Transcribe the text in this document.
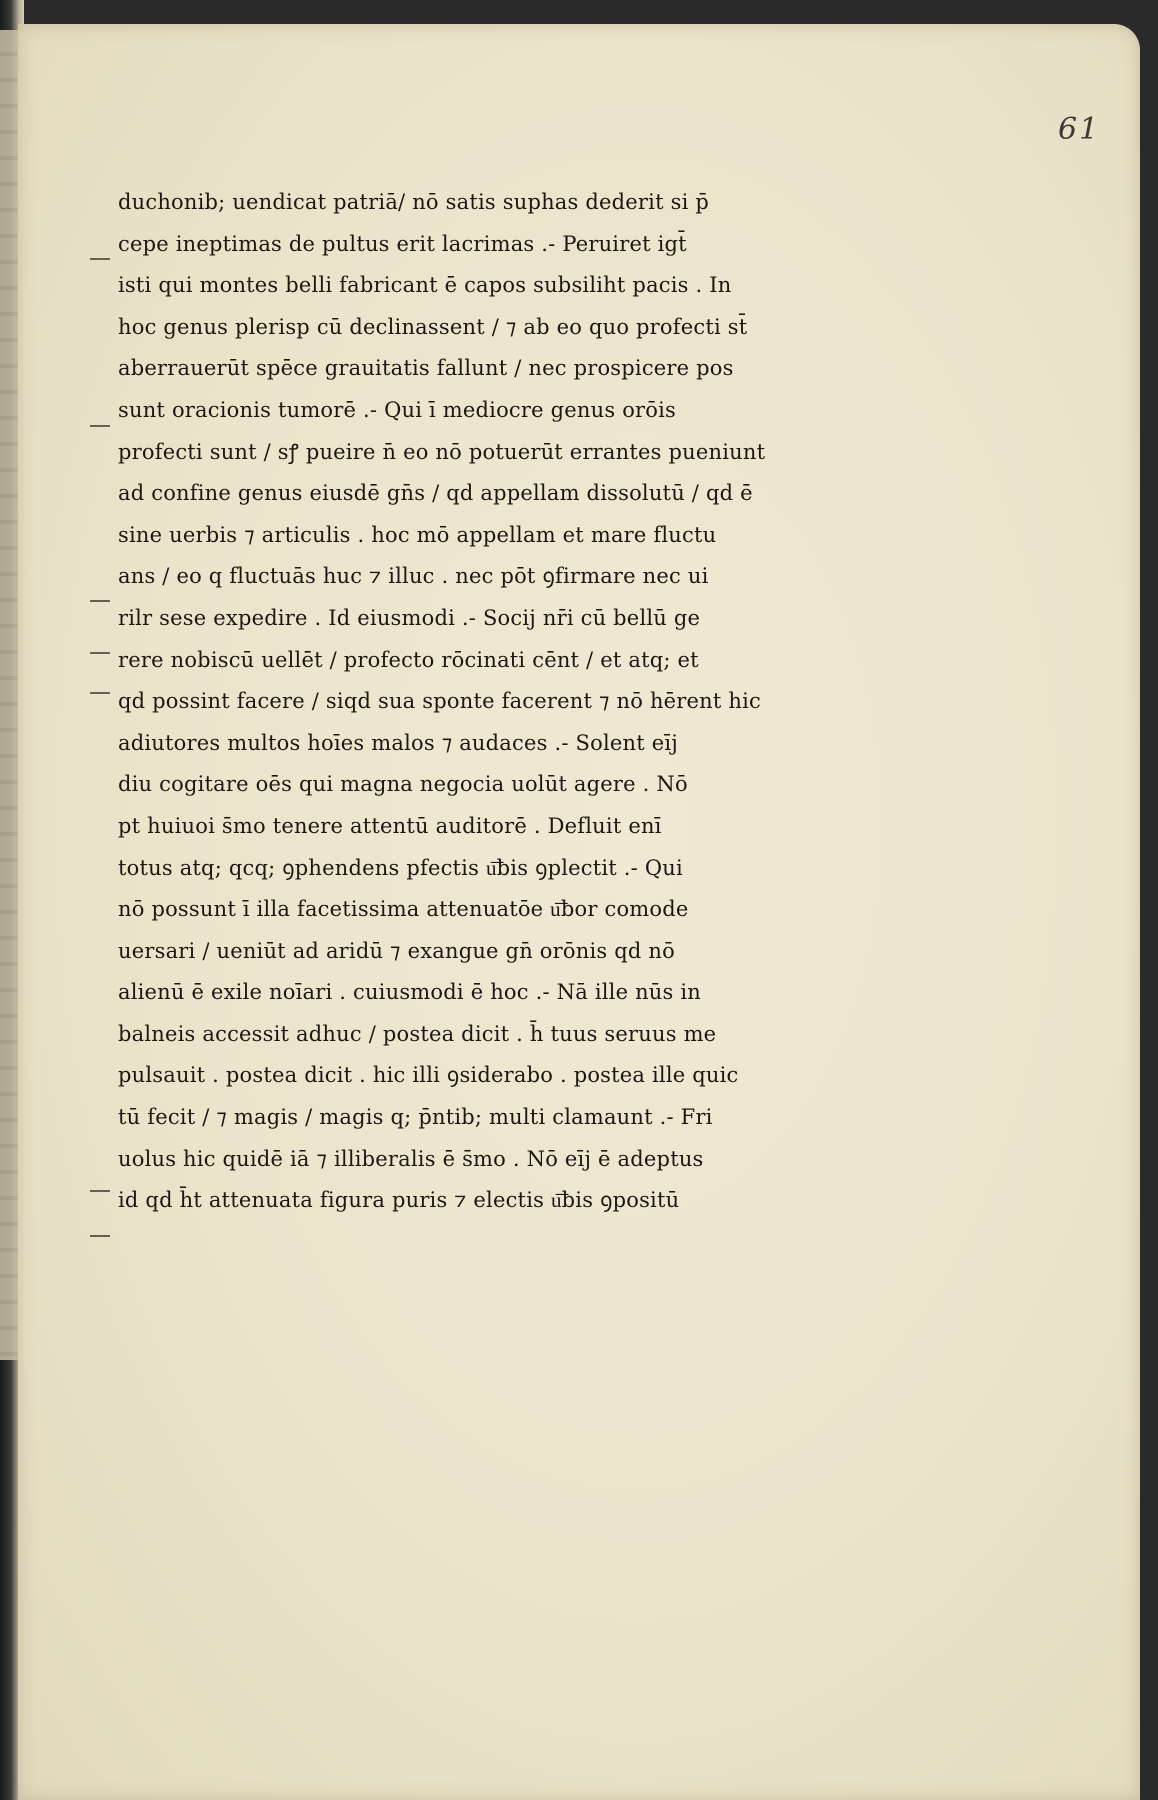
61
duchonib; uendicat patriā/ nō satis suphas dederit si p̄
cepe ineptimas de pultus erit lacrimas .- Peruiret igt̄
isti qui montes belli fabricant ē capos subsiliht pacis . In
hoc genus plerisp cū declinassent / ⁊ ab eo quo profecti st̄
aberrauerūt spēce grauitatis fallunt / nec prospicere pos
sunt oracionis tumorē .- Qui ī mediocre genus orōis
profecti sunt / sꝭ pueire n̄ eo nō potuerūt errantes pueniunt
ad confine genus eiusdē gn̄s / qd appellam dissolutū / qd ē
sine uerbis ⁊ articulis . hoc mō appellam et mare fluctu
ans / eo q fluctuās huc ⁊ illuc . nec pōt ꝯfirmare nec ui
rilr sese expedire . Id eiusmodi .- Socij nr̄i cū bellū ge
rere nobiscū uellēt / profecto rōcinati cēnt / et atq; et
qd possint facere / siqd sua sponte facerent ⁊ nō hērent hic
adiutores multos hoīes malos ⁊ audaces .- Solent eīj
diu cogitare oēs qui magna negocia uolūt agere . Nō
pt huiuoi s̄mo tenere attentū auditorē . Defluit enī
totus atq; qcq; ꝯphendens pfectis u͞bis ꝯplectit .- Qui
nō possunt ī illa facetissima attenuatōe u͞bor comode
uersari / ueniūt ad aridū ⁊ exangue gn̄ orōnis qd nō
alienū ē exile noīari . cuiusmodi ē hoc .- Nā ille nūs in
balneis accessit adhuc / postea dicit . h̄ tuus seruus me
pulsauit . postea dicit . hic illi ꝯsiderabo . postea ille quic
tū fecit / ⁊ magis / magis q; p̄ntib; multi clamaunt .- Fri
uolus hic quidē iā ⁊ illiberalis ē s̄mo . Nō eīj ē adeptus
id qd h̄t attenuata figura puris ⁊ electis u͞bis ꝯpositū
